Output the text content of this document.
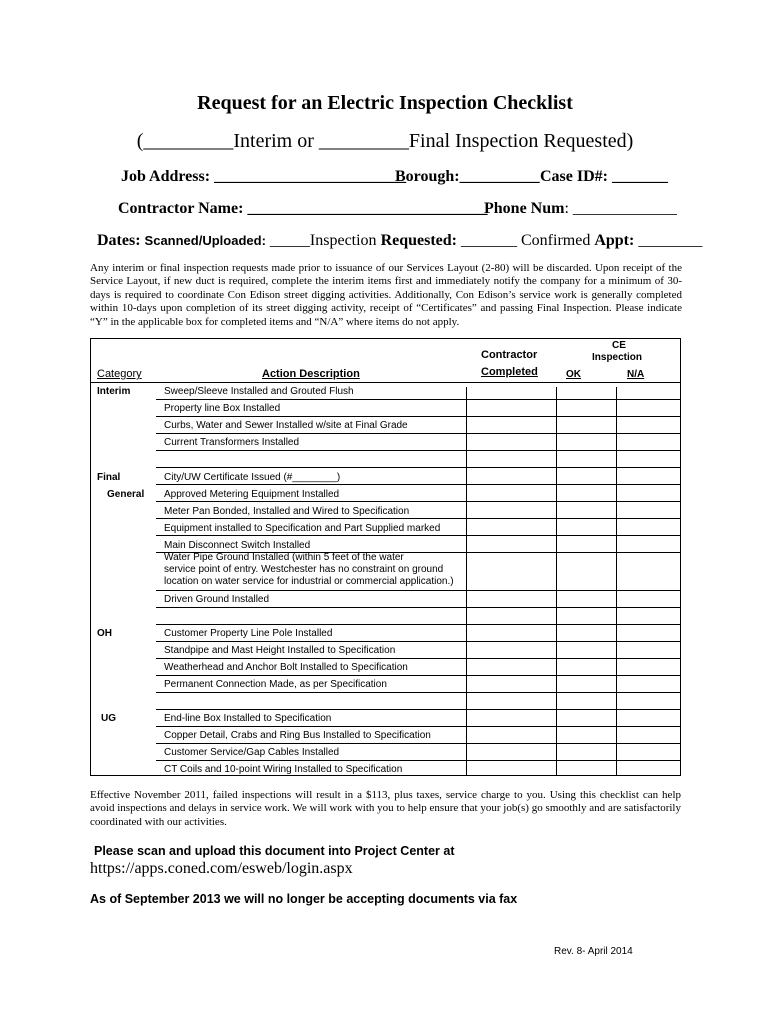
Request for an Electric Inspection Checklist
(_________Interim or _________Final Inspection Requested)
Job Address: ________________________
Borough:__________ Case ID#: _______
Contractor Name: ______________________________
Phone Num: _____________
Dates: Scanned/Uploaded: _____Inspection Requested: _______ Confirmed Appt: ________
Any interim or final inspection requests made prior to issuance of our Services Layout (2-80) will be discarded. Upon receipt of the Service Layout, if new duct is required, complete the interim items first and immediately notify the company for a minimum of 30-days is required to coordinate Con Edison street digging activities. Additionally, Con Edison’s service work is generally completed within 10-days upon completion of its street digging activity, receipt of “Certificates” and passing Final Inspection. Please indicate “Y” in the applicable box for completed items and “N/A” where items do not apply.
Contractor
Completed
CE
Inspection
OK	N/A
Category	Action Description
Interim
Final
General
OH
UG
Sweep/Sleeve Installed and Grouted Flush
Property line Box Installed
Curbs, Water and Sewer Installed w/site at Final Grade
Current Transformers Installed
City/UW Certificate Issued (#________)
Approved Metering Equipment Installed
Meter Pan Bonded, Installed and Wired to Specification
Equipment installed to Specification and Part Supplied marked
Main Disconnect Switch Installed
Water Pipe Ground Installed (within 5 feet of the water
service point of entry. Westchester has no constraint on ground
location on water service for industrial or commercial application.)
Driven Ground Installed
Customer Property Line Pole Installed
Standpipe and Mast Height Installed to Specification
Weatherhead and Anchor Bolt Installed to Specification
Permanent Connection Made, as per Specification
End-line Box Installed to Specification
Copper Detail, Crabs and Ring Bus Installed to Specification
Customer Service/Gap Cables Installed
CT Coils and 10-point Wiring Installed to Specification
Effective November 2011, failed inspections will result in a $113, plus taxes, service charge to you. Using this checklist can help avoid inspections and delays in service work. We will work with you to help ensure that your job(s) go smoothly and are satisfactorily coordinated with our activities.
Please scan and upload this document into Project Center at
https://apps.coned.com/esweb/login.aspx
As of September 2013 we will no longer be accepting documents via fax
Rev. 8- April 2014
